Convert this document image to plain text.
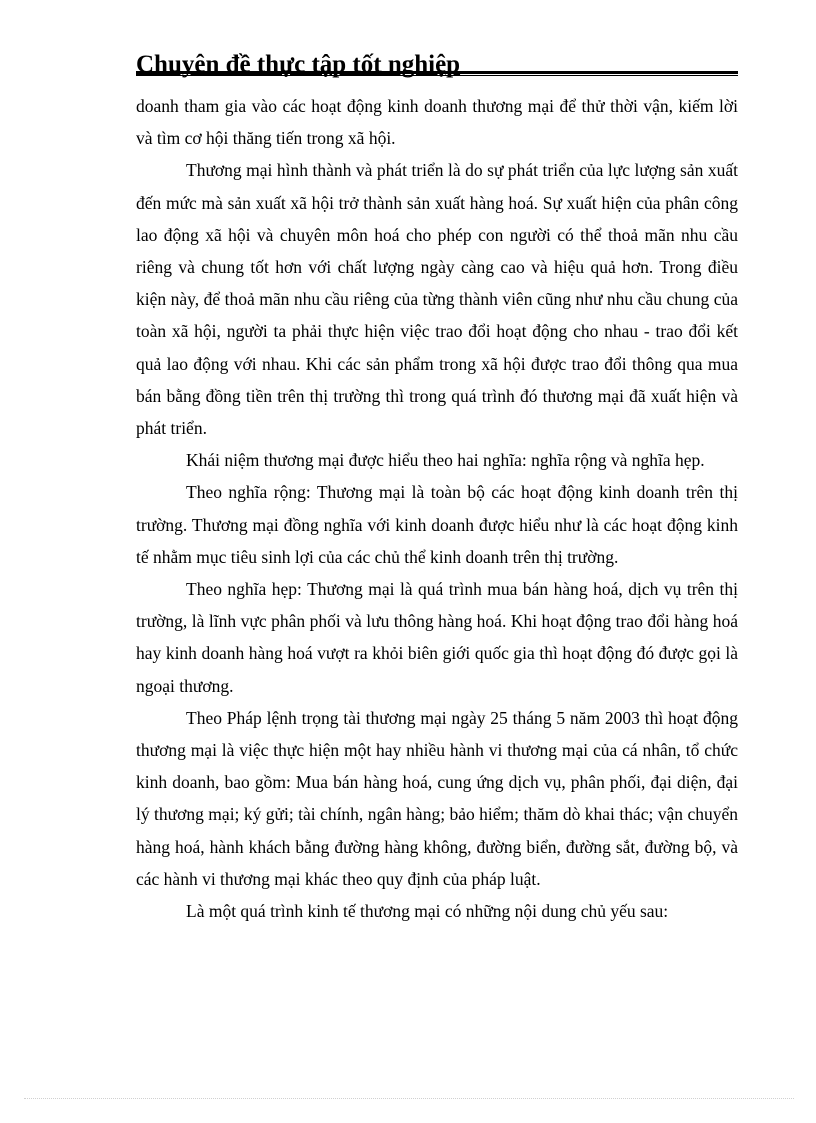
Chuyên đề thực tập tốt nghiệp

doanh tham gia vào các hoạt động kinh doanh thương mại để thử thời vận, kiếm lời và tìm cơ hội thăng tiến trong xã hội.

Thương mại hình thành và phát triển là do sự phát triển của lực lượng sản xuất đến mức mà sản xuất xã hội trở thành sản xuất hàng hoá. Sự xuất hiện của phân công lao động xã hội và chuyên môn hoá cho phép con người có thể thoả mãn nhu cầu riêng và chung tốt hơn với chất lượng ngày càng cao và hiệu quả hơn. Trong điều kiện này, để thoả mãn nhu cầu riêng của từng thành viên cũng như nhu cầu chung của toàn xã hội, người ta phải thực hiện việc trao đổi hoạt động cho nhau - trao đổi kết quả lao động với nhau. Khi các sản phẩm trong xã hội được trao đổi thông qua mua bán bằng đồng tiền trên thị trường thì trong quá trình đó thương mại đã xuất hiện và phát triển.

Khái niệm thương mại được hiểu theo hai nghĩa: nghĩa rộng và nghĩa hẹp.

Theo nghĩa rộng: Thương mại là toàn bộ các hoạt động kinh doanh trên thị trường. Thương mại đồng nghĩa với kinh doanh được hiểu như là các hoạt động kinh tế nhằm mục tiêu sinh lợi của các chủ thể kinh doanh trên thị trường.

Theo nghĩa hẹp: Thương mại là quá trình mua bán hàng hoá, dịch vụ trên thị trường, là lĩnh vực phân phối và lưu thông hàng hoá. Khi hoạt động trao đổi hàng hoá hay kinh doanh hàng hoá vượt ra khỏi biên giới quốc gia thì hoạt động đó được gọi là ngoại thương.

Theo Pháp lệnh trọng tài thương mại ngày 25 tháng 5 năm 2003 thì hoạt động thương mại là việc thực hiện một hay nhiều hành vi thương mại của cá nhân, tổ chức kinh doanh, bao gồm: Mua bán hàng hoá, cung ứng dịch vụ, phân phối, đại diện, đại lý thương mại; ký gửi; tài chính, ngân hàng; bảo hiểm; thăm dò khai thác; vận chuyển hàng hoá, hành khách bằng đường hàng không, đường biển, đường sắt, đường bộ, và các hành vi thương mại khác theo quy định của pháp luật.

Là một quá trình kinh tế thương mại có những nội dung chủ yếu sau:
